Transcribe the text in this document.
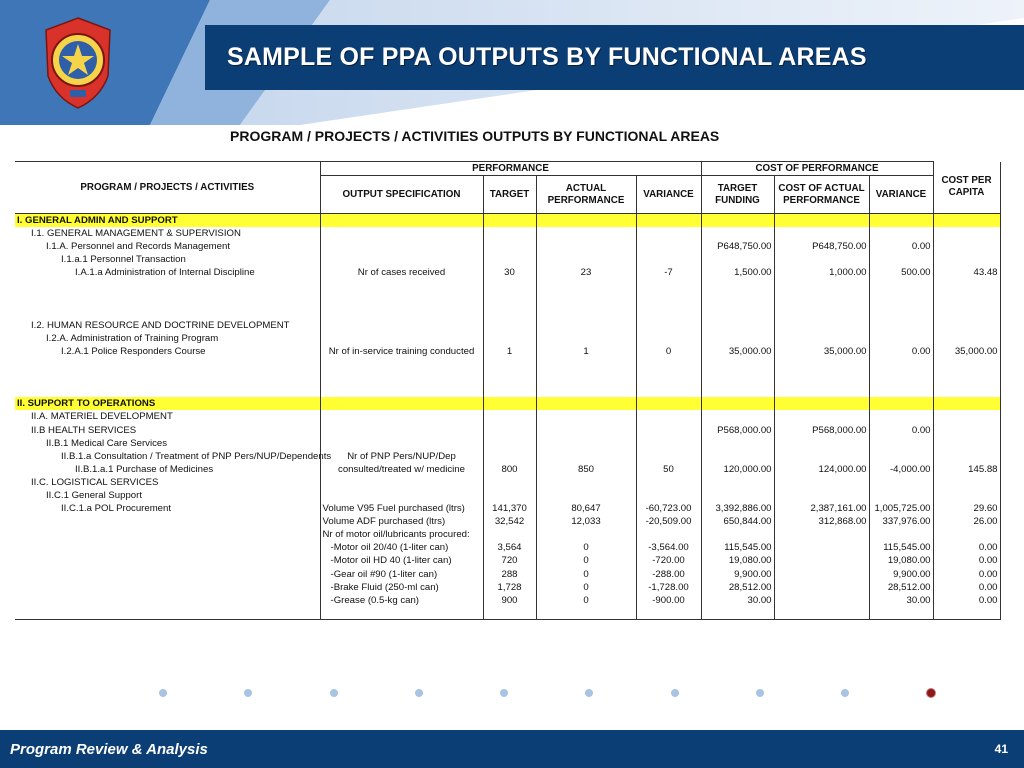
SAMPLE OF PPA OUTPUTS BY FUNCTIONAL AREAS
PROGRAM / PROJECTS / ACTIVITIES OUTPUTS BY FUNCTIONAL AREAS
PROGRAM / PROJECTS / ACTIVITIES	PERFORMANCE				COST OF PERFORMANCE			COST PER CAPITA
	OUTPUT SPECIFICATION	TARGET	ACTUAL PERFORMANCE	VARIANCE	TARGET FUNDING	COST OF ACTUAL PERFORMANCE	VARIANCE	
I. GENERAL ADMIN AND SUPPORT								
I.1. GENERAL MANAGEMENT & SUPERVISION								
I.1.A. Personnel and Records Management					P648,750.00	P648,750.00	0.00	
I.1.a.1 Personnel Transaction								
I.A.1.a Administration of Internal Discipline	Nr of cases received	30	23	-7	1,500.00	1,000.00	500.00	43.48

I.2. HUMAN RESOURCE AND DOCTRINE DEVELOPMENT								
I.2.A. Administration of Training Program								
I.2.A.1 Police Responders Course	Nr of in-service training conducted	1	1	0	35,000.00	35,000.00	0.00	35,000.00

II. SUPPORT TO OPERATIONS								
II.A. MATERIEL DEVELOPMENT								
II.B HEALTH SERVICES					P568,000.00	P568,000.00	0.00	
II.B.1 Medical Care Services								
II.B.1.a Consultation / Treatment of PNP Pers/NUP/Dependents	Nr of PNP Pers/NUP/Dep							
II.B.1.a.1 Purchase of Medicines	consulted/treated w/ medicine	800	850	50	120,000.00	124,000.00	-4,000.00	145.88
II.C. LOGISTICAL SERVICES								
II.C.1 General Support								
II.C.1.a POL Procurement	Volume V95 Fuel purchased (ltrs)	141,370	80,647	-60,723.00	3,392,886.00	2,387,161.00	1,005,725.00	29.60
	Volume ADF purchased (ltrs)	32,542	12,033	-20,509.00	650,844.00	312,868.00	337,976.00	26.00
	Nr of motor oil/lubricants procured:							
	-Motor oil 20/40 (1-liter can)	3,564	0	-3,564.00	115,545.00		115,545.00	0.00
	-Motor oil HD 40 (1-liter can)	720	0	-720.00	19,080.00		19,080.00	0.00
	-Gear oil #90 (1-liter can)	288	0	-288.00	9,900.00		9,900.00	0.00
	-Brake Fluid (250-ml can)	1,728	0	-1,728.00	28,512.00		28,512.00	0.00
	-Grease (0.5-kg can)	900	0	-900.00	30.00		30.00	0.00

Program Review & Analysis	41
